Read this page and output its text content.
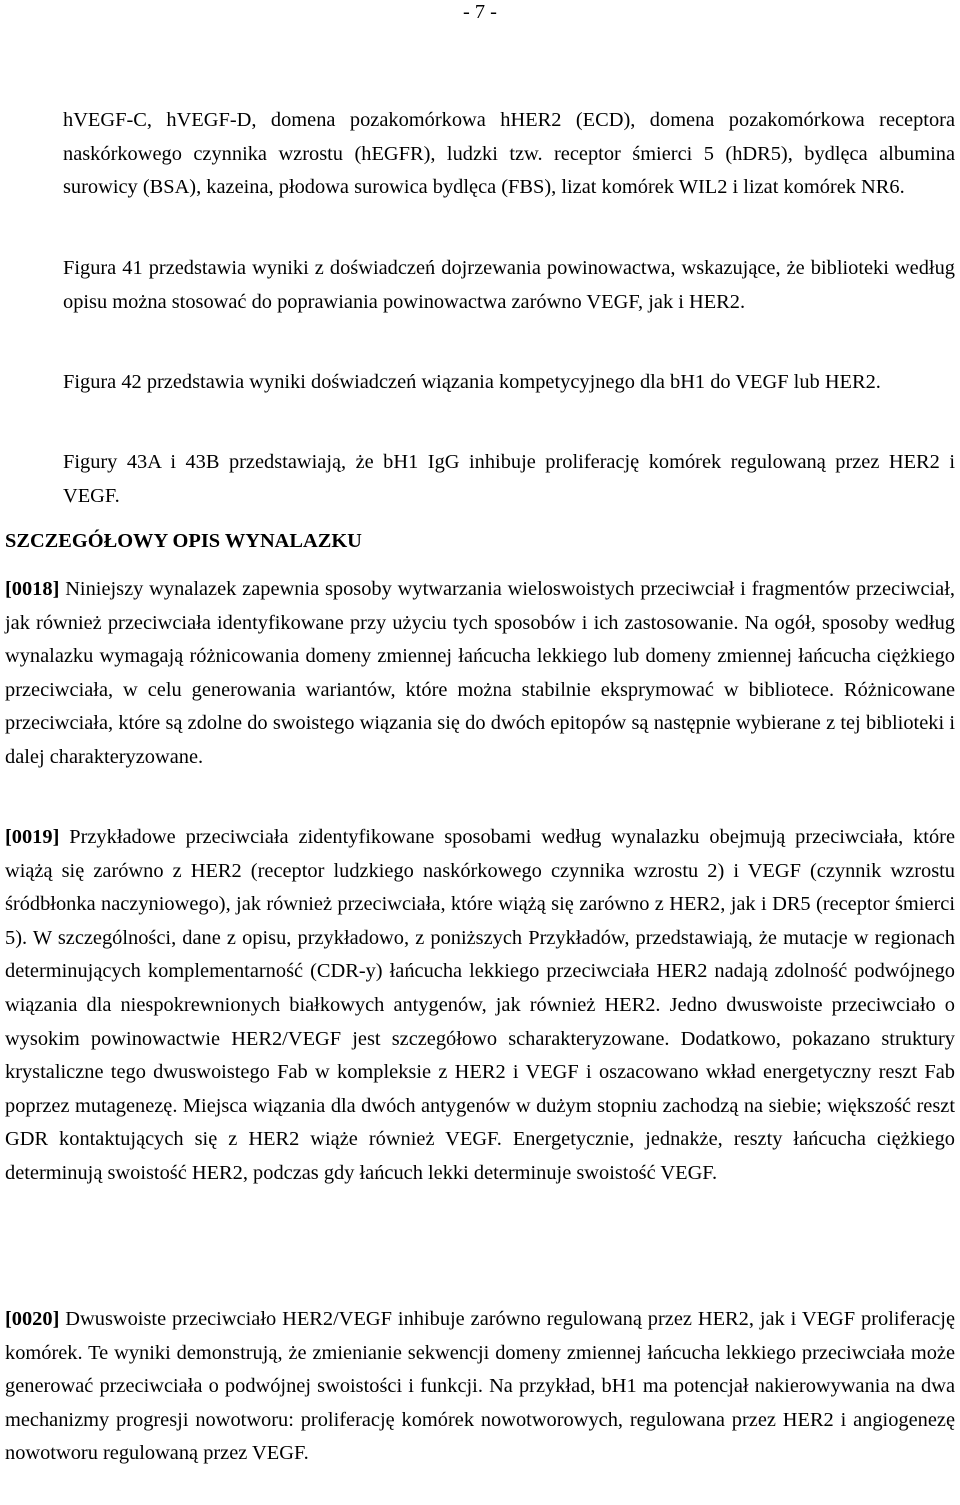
- 7 -

hVEGF-C, hVEGF-D, domena pozakomórkowa hHER2 (ECD), domena pozakomórkowa receptora naskórkowego czynnika wzrostu (hEGFR), ludzki tzw. receptor śmierci 5 (hDR5), bydlęca albumina surowicy (BSA), kazeina, płodowa surowica bydlęca (FBS), lizat komórek WIL2 i lizat komórek NR6.

Figura 41 przedstawia wyniki z doświadczeń dojrzewania powinowactwa, wskazujące, że biblioteki według opisu można stosować do poprawiania powinowactwa zarówno VEGF, jak i HER2.

Figura 42 przedstawia wyniki doświadczeń wiązania kompetycyjnego dla bH1 do VEGF lub HER2.

Figury 43A i 43B przedstawiają, że bH1 IgG inhibuje proliferację komórek regulowaną przez HER2 i VEGF.

SZCZEGÓŁOWY OPIS WYNALAZKU

[0018] Niniejszy wynalazek zapewnia sposoby wytwarzania wieloswoistych przeciwciał i fragmentów przeciwciał, jak również przeciwciała identyfikowane przy użyciu tych sposobów i ich zastosowanie. Na ogół, sposoby według wynalazku wymagają różnicowania domeny zmiennej łańcucha lekkiego lub domeny zmiennej łańcucha ciężkiego przeciwciała, w celu generowania wariantów, które można stabilnie eksprymować w bibliotece. Różnicowane przeciwciała, które są zdolne do swoistego wiązania się do dwóch epitopów są następnie wybierane z tej biblioteki i dalej charakteryzowane.

[0019] Przykładowe przeciwciała zidentyfikowane sposobami według wynalazku obejmują przeciwciała, które wiążą się zarówno z HER2 (receptor ludzkiego naskórkowego czynnika wzrostu 2) i VEGF (czynnik wzrostu śródbłonka naczyniowego), jak również przeciwciała, które wiążą się zarówno z HER2, jak i DR5 (receptor śmierci 5). W szczególności, dane z opisu, przykładowo, z poniższych Przykładów, przedstawiają, że mutacje w regionach determinujących komplementarność (CDR-y) łańcucha lekkiego przeciwciała HER2 nadają zdolność podwójnego wiązania dla niespokrewnionych białkowych antygenów, jak również HER2. Jedno dwuswoiste przeciwciało o wysokim powinowactwie HER2/VEGF jest szczegółowo scharakteryzowane. Dodatkowo, pokazano struktury krystaliczne tego dwuswoistego Fab w kompleksie z HER2 i VEGF i oszacowano wkład energetyczny reszt Fab poprzez mutagenezę. Miejsca wiązania dla dwóch antygenów w dużym stopniu zachodzą na siebie; większość reszt GDR kontaktujących się z HER2 wiąże również VEGF. Energetycznie, jednakże, reszty łańcucha ciężkiego determinują swoistość HER2, podczas gdy łańcuch lekki determinuje swoistość VEGF.

[0020] Dwuswoiste przeciwciało HER2/VEGF inhibuje zarówno regulowaną przez HER2, jak i VEGF proliferację komórek. Te wyniki demonstrują, że zmienianie sekwencji domeny zmiennej łańcucha lekkiego przeciwciała może generować przeciwciała o podwójnej swoistości i funkcji. Na przykład, bH1 ma potencjał nakierowywania na dwa mechanizmy progresji nowotworu: proliferację komórek nowotworowych, regulowana przez HER2 i angiogenezę nowotworu regulowaną przez VEGF.
